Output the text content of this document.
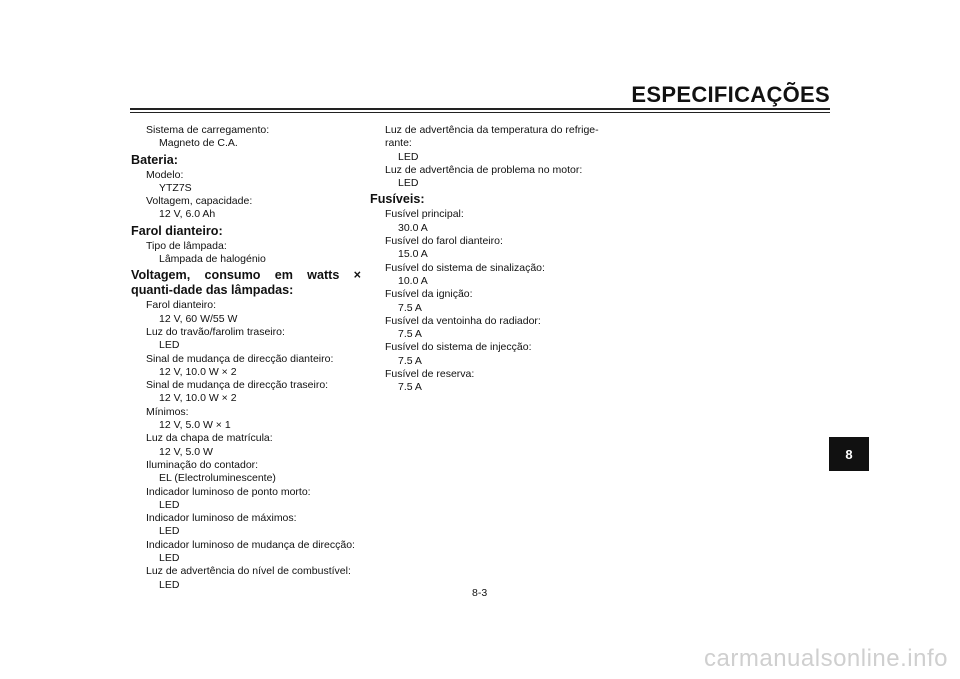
ESPECIFICAÇÕES
Sistema de carregamento:
Magneto de C.A.
Bateria:
Modelo:
YTZ7S
Voltagem, capacidade:
12 V, 6.0 Ah
Farol dianteiro:
Tipo de lâmpada:
Lâmpada de halogénio
Voltagem, consumo em watts × quanti-dade das lâmpadas:
Farol dianteiro:
12 V, 60 W/55 W
Luz do travão/farolim traseiro:
LED
Sinal de mudança de direcção dianteiro:
12 V, 10.0 W × 2
Sinal de mudança de direcção traseiro:
12 V, 10.0 W × 2
Mínimos:
12 V, 5.0 W × 1
Luz da chapa de matrícula:
12 V, 5.0 W
Iluminação do contador:
EL (Electroluminescente)
Indicador luminoso de ponto morto:
LED
Indicador luminoso de máximos:
LED
Indicador luminoso de mudança de direcção:
LED
Luz de advertência do nível de combustível:
LED
Luz de advertência da temperatura do refrige-
rante:
LED
Luz de advertência de problema no motor:
LED
Fusíveis:
Fusível principal:
30.0 A
Fusível do farol dianteiro:
15.0 A
Fusível do sistema de sinalização:
10.0 A
Fusível da ignição:
7.5 A
Fusível da ventoinha do radiador:
7.5 A
Fusível do sistema de injecção:
7.5 A
Fusível de reserva:
7.5 A
8
8-3
carmanualsonline.info
